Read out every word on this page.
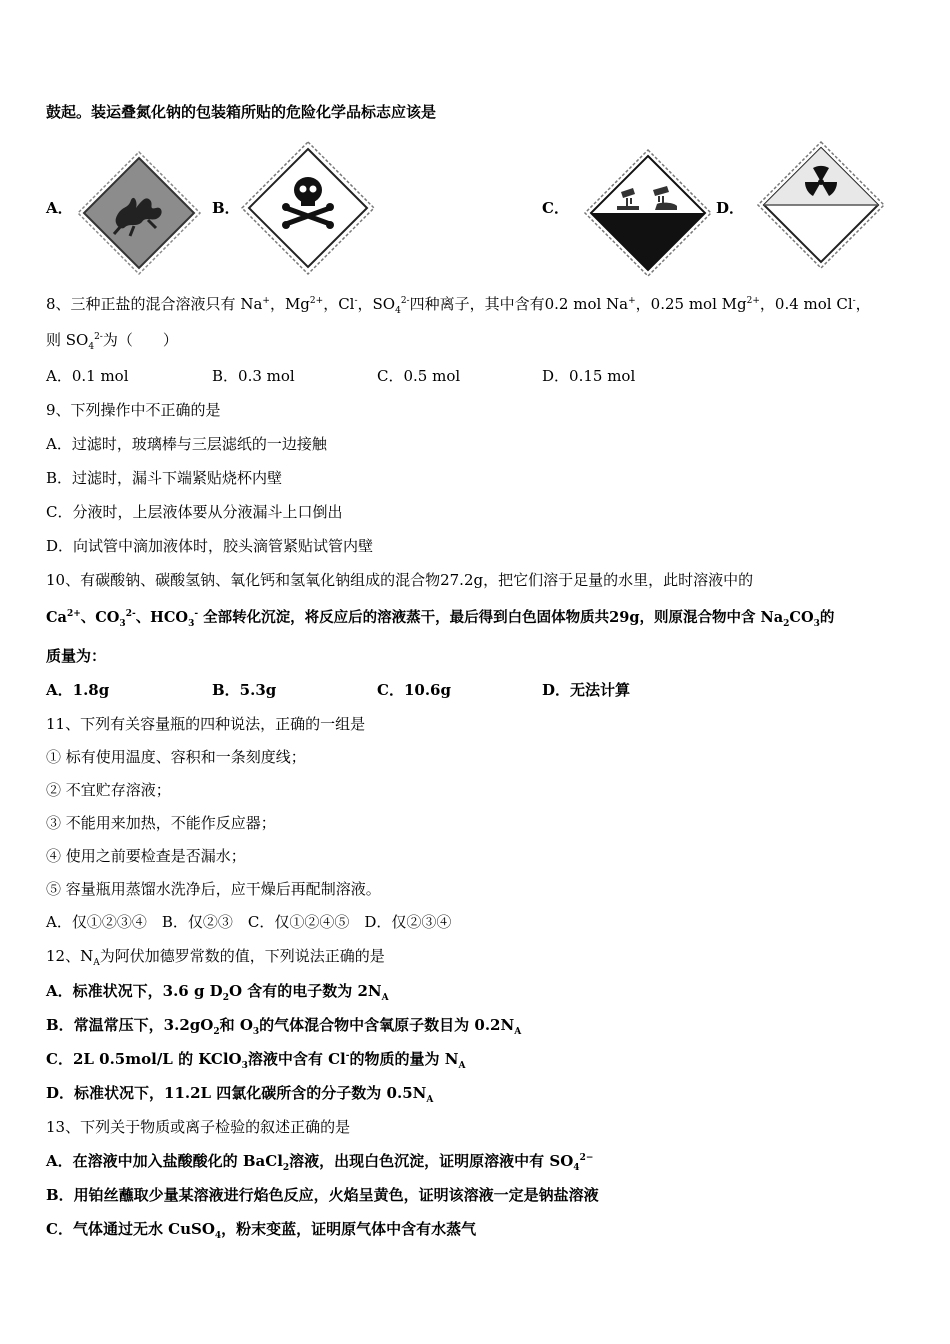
鼓起。装运叠氮化钠的包装箱所贴的危险化学品标志应该是
A．	B．	C．	D．
8、三种正盐的混合溶液只有 Na+，$Mg^{2+}$，Cl-，$SO_4^{2-}$四种离子，其中含有0.2 mol Na+，0.25 mol $Mg^{2+}$，0.4 mol Cl-，
则 $SO_4^{2-}$为（　　）
A．0.1 mol	B．0.3 mol	C．0.5 mol	D．0.15 mol
9、下列操作中不正确的是
A．过滤时，玻璃棒与三层滤纸的一边接触
B．过滤时，漏斗下端紧贴烧杯内壁
C．分液时，上层液体要从分液漏斗上口倒出
D．向试管中滴加液体时，胶头滴管紧贴试管内壁
10、有碳酸钠、碳酸氢钠、氧化钙和氢氧化钠组成的混合物27.2g，把它们溶于足量的水里，此时溶液中的
$Ca^{2+}$、$CO_3^{2-}$、$HCO_3^-$ 全部转化沉淀，将反应后的溶液蒸干，最后得到白色固体物质共29g，则原混合物中含 $Na_2CO_3$的
质量为：
A．1.8g	B．5.3g	C．10.6g	D．无法计算
11、下列有关容量瓶的四种说法，正确的一组是
① 标有使用温度、容积和一条刻度线；
② 不宜贮存溶液；
③ 不能用来加热，不能作反应器；
④ 使用之前要检查是否漏水；
⑤ 容量瓶用蒸馏水洗净后，应干燥后再配制溶液。
A．仅①②③④　B．仅②③　C．仅①②④⑤　D．仅②③④
12、$N_A$为阿伏加德罗常数的值，下列说法正确的是
A．标准状况下，3.6 g $D_2O$ 含有的电子数为 $2N_A$
B．常温常压下，$3.2gO_2$和 $O_3$的气体混合物中含氧原子数目为 $0.2N_A$
C．2L 0.5mol/L 的 KClO$_3$溶液中含有 Cl-的物质的量为 $N_A$
D．标准状况下，11.2L 四氯化碳所含的分子数为 $0.5N_A$
13、下列关于物质或离子检验的叙述正确的是
A．在溶液中加入盐酸酸化的 BaCl$_2$溶液，出现白色沉淀，证明原溶液中有 $SO_4^{2-}$
B．用铂丝蘸取少量某溶液进行焰色反应，火焰呈黄色，证明该溶液一定是钠盐溶液
C．气体通过无水 CuSO$_4$，粉末变蓝，证明原气体中含有水蒸气
